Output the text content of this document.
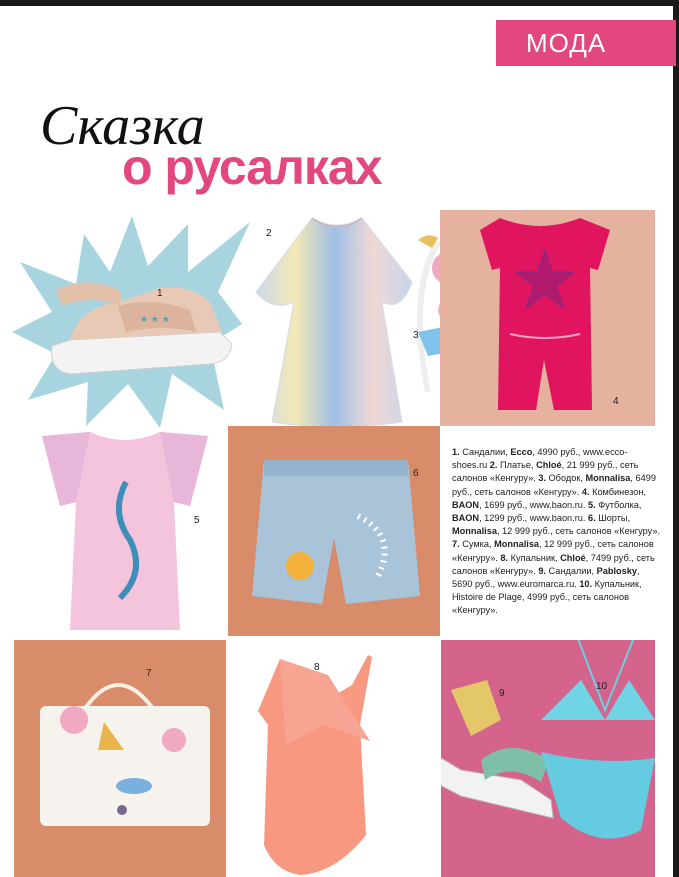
МОДА
Сказка
о русалках
★ ★ ★
1
2
3
4
5
6
1. Сандалии, Ecco, 4990 руб., www.ecco-shoes.ru 2. Платье, Chloé, 21 999 руб., сеть салонов «Кенгуру». 3. Ободок, Monnalisa, 6499 руб., сеть салонов «Кенгуру». 4. Комбинезон, BAON, 1699 руб., www.baon.ru. 5. Футболка, BAON, 1299 руб., www.baon.ru. 6. Шорты, Monnalisa, 12 999 руб., сеть салонов «Кенгуру». 7. Сумка, Monnalisa, 12 999 руб., сеть салонов «Кенгуру». 8. Купальник, Chloé, 7499 руб., сеть салонов «Кенгуру». 9. Сандалии, Pablosky, 5690 руб., www.euromarca.ru. 10. Купальник, Histoire de Plage, 4999 руб., сеть салонов «Кенгуру».
7
8
9
10
